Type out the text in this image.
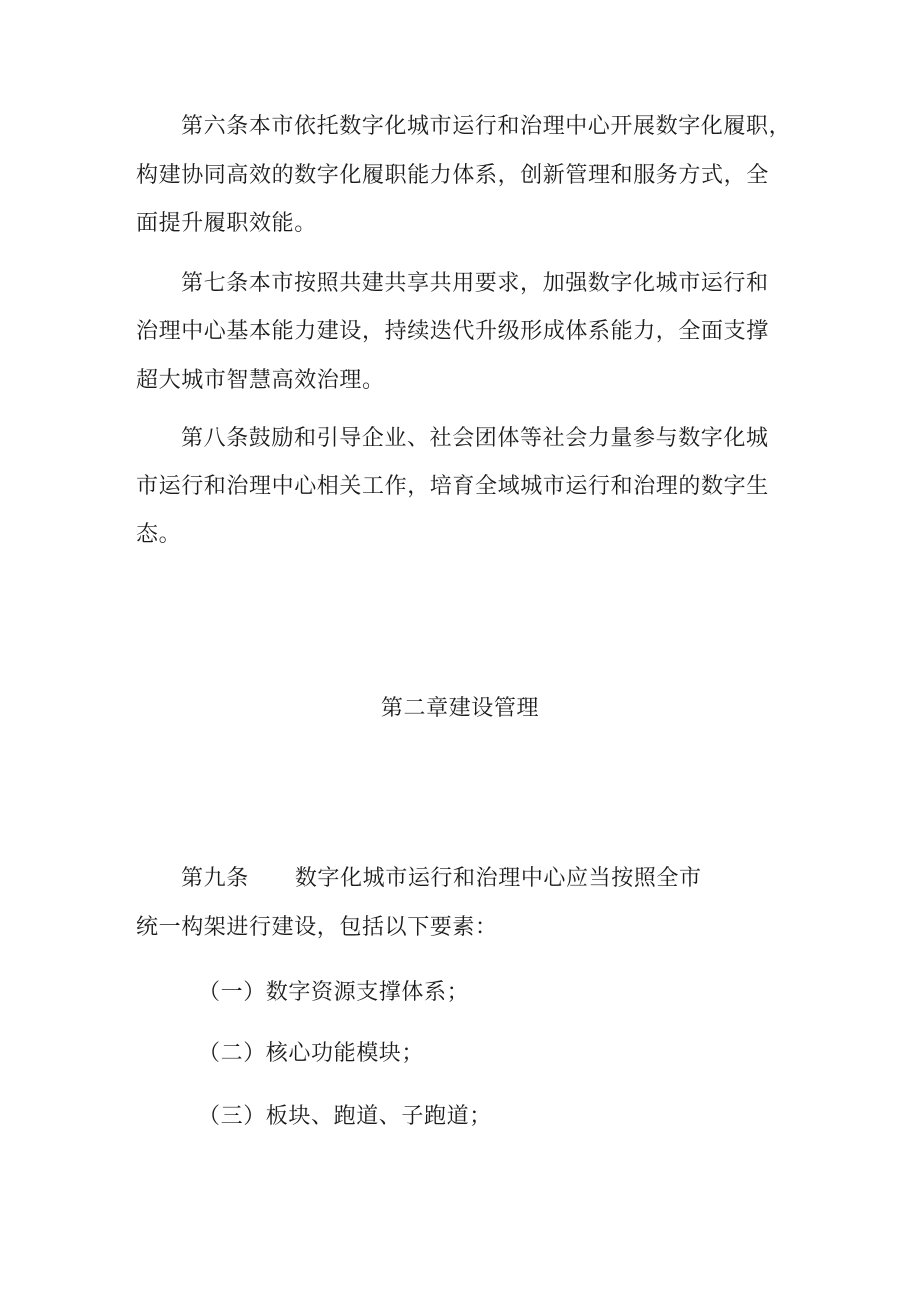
第六条本市依托数字化城市运行和治理中心开展数字化履职，
构建协同高效的数字化履职能力体系，创新管理和服务方式，全
面提升履职效能。
第七条本市按照共建共享共用要求，加强数字化城市运行和
治理中心基本能力建设，持续迭代升级形成体系能力，全面支撑
超大城市智慧高效治理。
第八条鼓励和引导企业、社会团体等社会力量参与数字化城
市运行和治理中心相关工作，培育全域城市运行和治理的数字生
态。
第二章建设管理
第九条 数字化城市运行和治理中心应当按照全市
统一构架进行建设，包括以下要素：
（一）数字资源支撑体系；
（二）核心功能模块；
（三）板块、跑道、子跑道；
